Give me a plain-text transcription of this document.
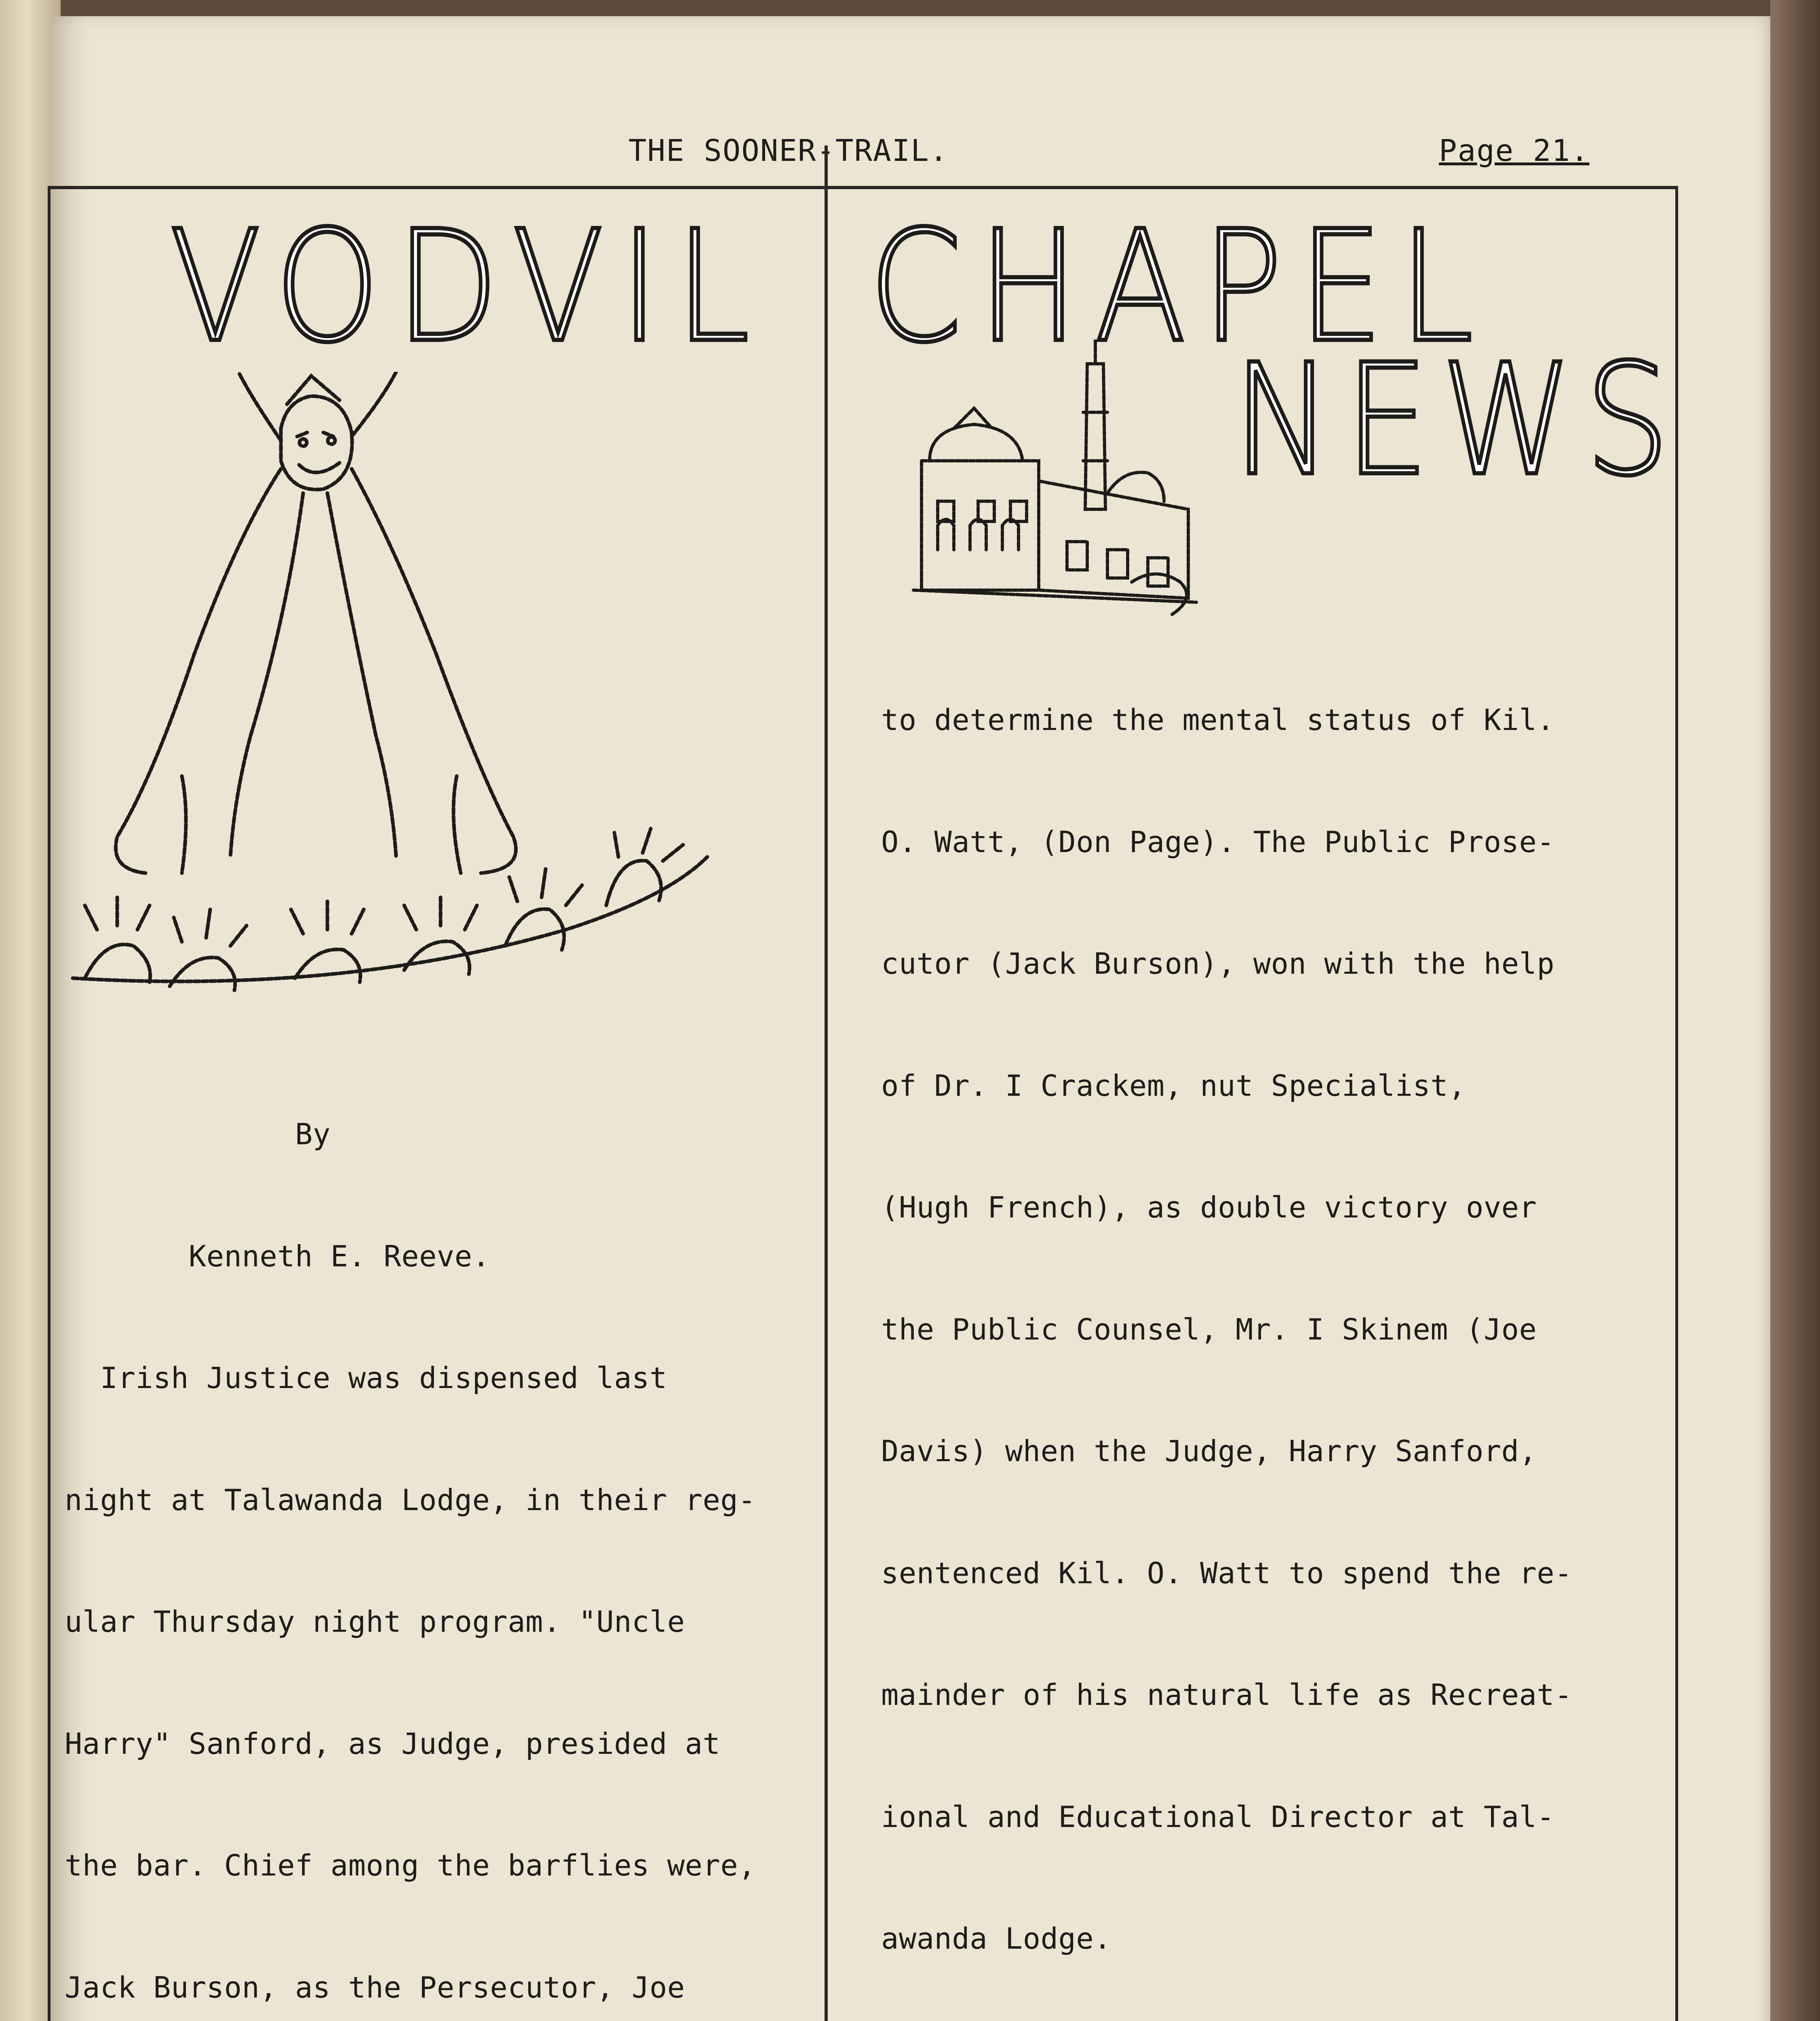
THE SOONER-TRAIL.	Page 21.
VODVIL CHAPEL
NEWS

By

Kenneth E. Reeve.

Irish Justice was dispensed last

night at Talawanda Lodge, in their reg-

ular Thursday night program. "Uncle

Harry" Sanford, as Judge, presided at

the bar. Chief among the barflies were,

Jack Burson, as the Persecutor, Joe

to determine the mental status of Kil.

O. Watt, (Don Page). The Public Prose-

cutor (Jack Burson), won with the help

of Dr. I Crackem, nut Specialist,

(Hugh French), as double victory over

the Public Counsel, Mr. I Skinem (Joe

Davis) when the Judge, Harry Sanford,

sentenced Kil. O. Watt to spend the re-

mainder of his natural life as Recreat-

ional and Educational Director at Tal-

awanda Lodge.
